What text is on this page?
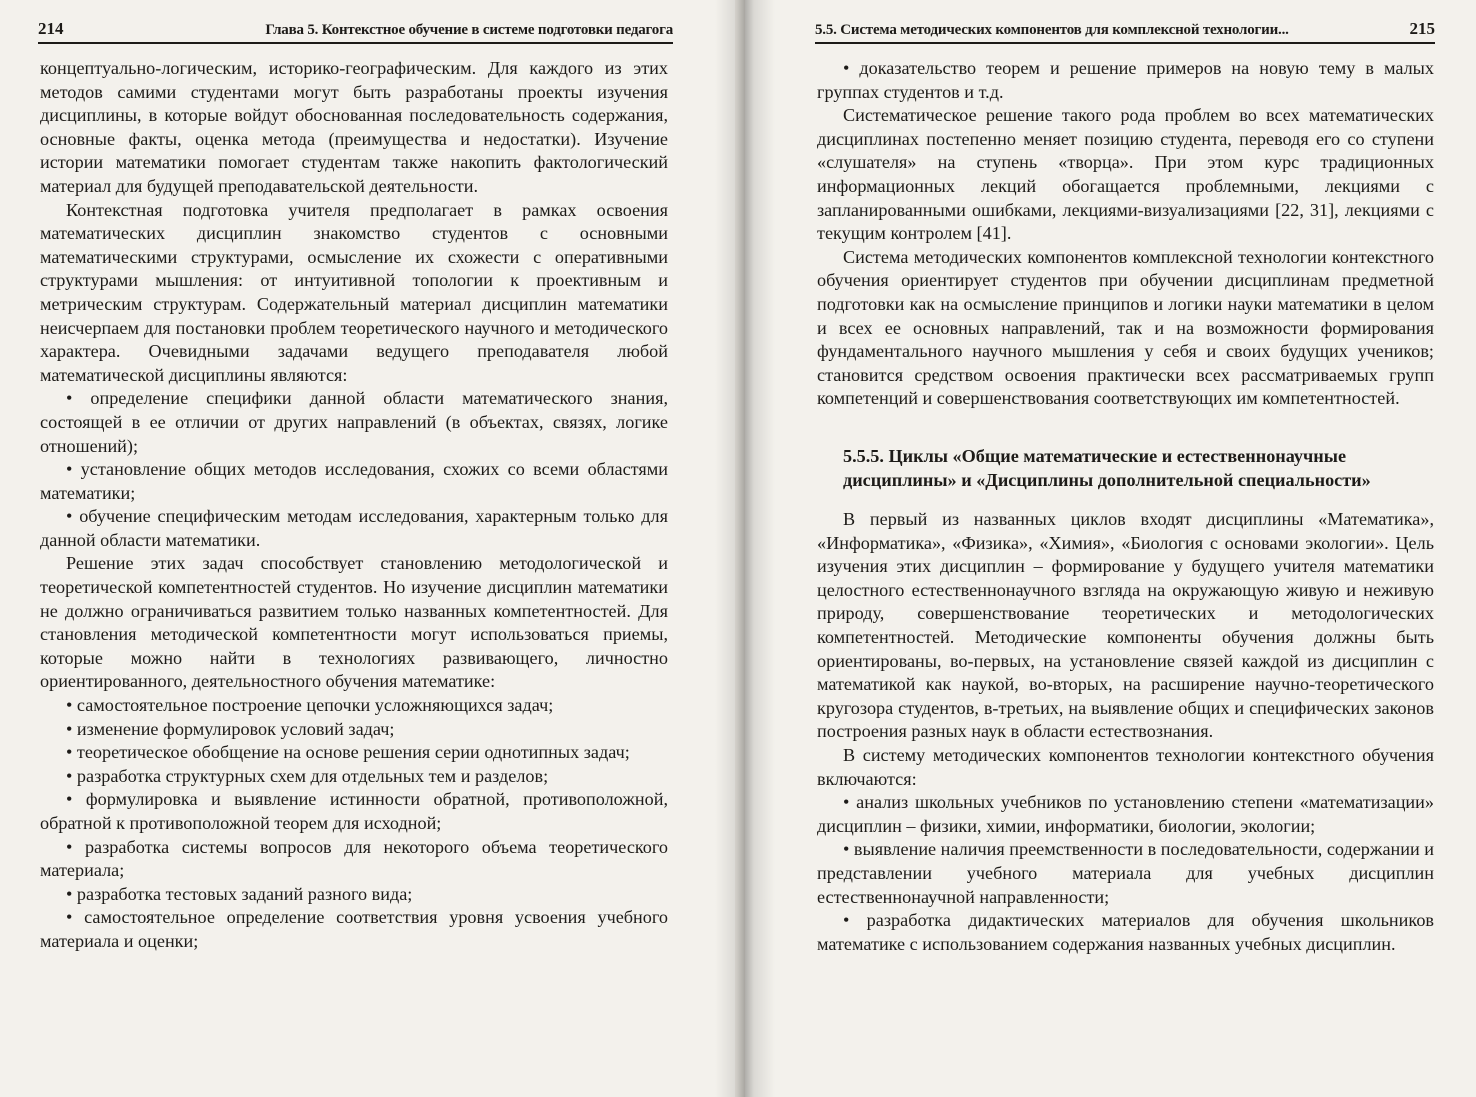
214	Глава 5. Контекстное обучение в системе подготовки педагога

концептуально-логическим, историко-географическим. Для каждого из этих методов самими студентами могут быть разработаны проекты изучения дисциплины, в которые войдут обоснованная последовательность содержания, основные факты, оценка метода (преимущества и недостатки). Изучение истории математики помогает студентам также накопить фактологический материал для будущей преподавательской деятельности.

Контекстная подготовка учителя предполагает в рамках освоения математических дисциплин знакомство студентов с основными математическими структурами, осмысление их схожести с оперативными структурами мышления: от интуитивной топологии к проективным и метрическим структурам. Содержательный материал дисциплин математики неисчерпаем для постановки проблем теоретического научного и методического характера. Очевидными задачами ведущего преподавателя любой математической дисциплины являются:

• определение специфики данной области математического знания, состоящей в ее отличии от других направлений (в объектах, связях, логике отношений);

• установление общих методов исследования, схожих со всеми областями математики;

• обучение специфическим методам исследования, характерным только для данной области математики.

Решение этих задач способствует становлению методологической и теоретической компетентностей студентов. Но изучение дисциплин математики не должно ограничиваться развитием только названных компетентностей. Для становления методической компетентности могут использоваться приемы, которые можно найти в технологиях развивающего, личностно ориентированного, деятельностного обучения математике:

• самостоятельное построение цепочки усложняющихся задач;

• изменение формулировок условий задач;

• теоретическое обобщение на основе решения серии однотипных задач;

• разработка структурных схем для отдельных тем и разделов;

• формулировка и выявление истинности обратной, противоположной, обратной к противоположной теорем для исходной;

• разработка системы вопросов для некоторого объема теоретического материала;

• разработка тестовых заданий разного вида;

• самостоятельное определение соответствия уровня усвоения учебного материала и оценки;

5.5. Система методических компонентов для комплексной технологии...	215

• доказательство теорем и решение примеров на новую тему в малых группах студентов и т.д.

Систематическое решение такого рода проблем во всех математических дисциплинах постепенно меняет позицию студента, переводя его со ступени «слушателя» на ступень «творца». При этом курс традиционных информационных лекций обогащается проблемными, лекциями с запланированными ошибками, лекциями-визуализациями [22, 31], лекциями с текущим контролем [41].

Система методических компонентов комплексной технологии контекстного обучения ориентирует студентов при обучении дисциплинам предметной подготовки как на осмысление принципов и логики науки математики в целом и всех ее основных направлений, так и на возможности формирования фундаментального научного мышления у себя и своих будущих учеников; становится средством освоения практически всех рассматриваемых групп компетенций и совершенствования соответствующих им компетентностей.

5.5.5. Циклы «Общие математические и естественнонаучные дисциплины» и «Дисциплины дополнительной специальности»

В первый из названных циклов входят дисциплины «Математика», «Информатика», «Физика», «Химия», «Биология с основами экологии». Цель изучения этих дисциплин – формирование у будущего учителя математики целостного естественнонаучного взгляда на окружающую живую и неживую природу, совершенствование теоретических и методологических компетентностей. Методические компоненты обучения должны быть ориентированы, во-первых, на установление связей каждой из дисциплин с математикой как наукой, во-вторых, на расширение научно-теоретического кругозора студентов, в-третьих, на выявление общих и специфических законов построения разных наук в области естествознания.

В систему методических компонентов технологии контекстного обучения включаются:

• анализ школьных учебников по установлению степени «математизации» дисциплин – физики, химии, информатики, биологии, экологии;

• выявление наличия преемственности в последовательности, содержании и представлении учебного материала для учебных дисциплин естественнонаучной направленности;

• разработка дидактических материалов для обучения школьников математике с использованием содержания названных учебных дисциплин.
